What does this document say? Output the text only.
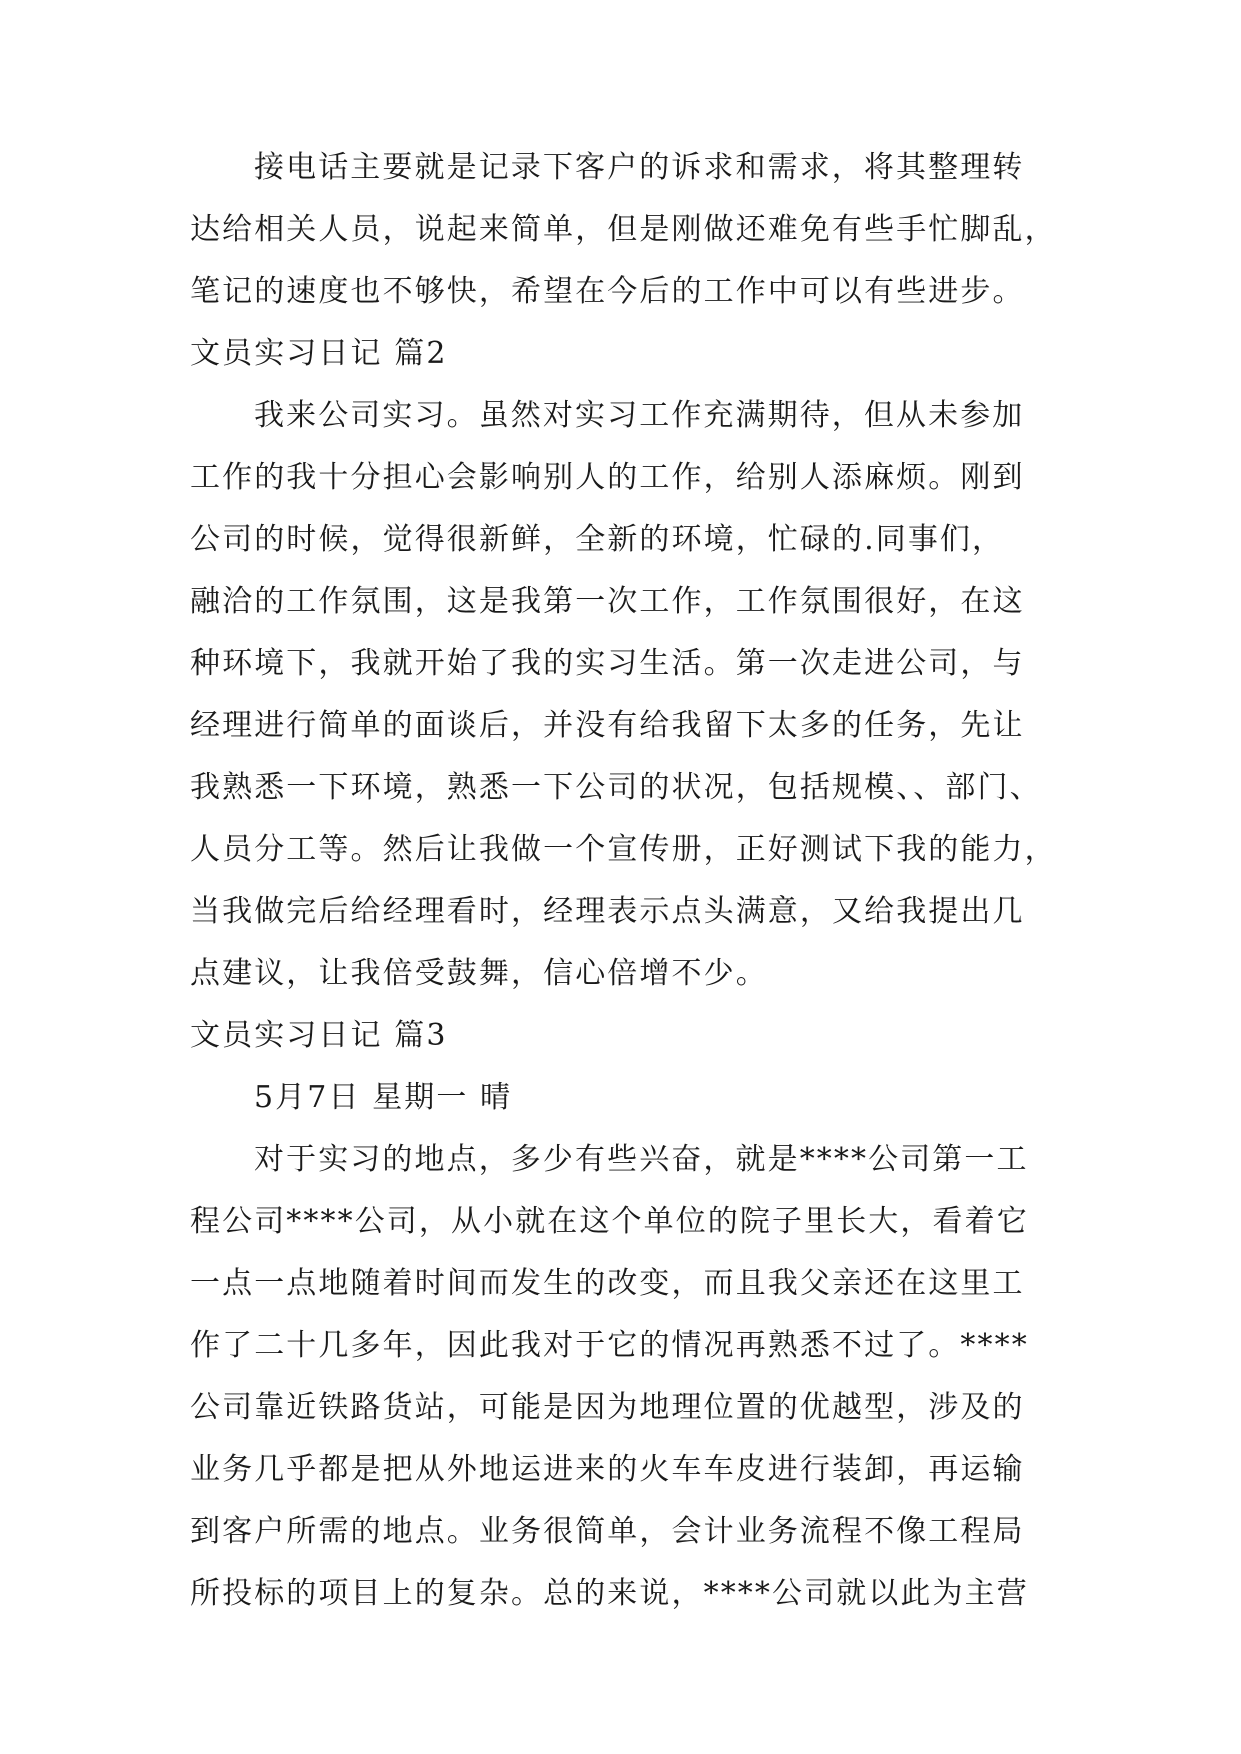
接电话主要就是记录下客户的诉求和需求，将其整理转
达给相关人员，说起来简单，但是刚做还难免有些手忙脚乱，
笔记的速度也不够快，希望在今后的工作中可以有些进步。
文员实习日记 篇2
我来公司实习。虽然对实习工作充满期待，但从未参加
工作的我十分担心会影响别人的工作，给别人添麻烦。刚到
公司的时候，觉得很新鲜，全新的环境，忙碌的.同事们，
融洽的工作氛围，这是我第一次工作，工作氛围很好，在这
种环境下，我就开始了我的实习生活。第一次走进公司，与
经理进行简单的面谈后，并没有给我留下太多的任务，先让
我熟悉一下环境，熟悉一下公司的状况，包括规模、、部门、
人员分工等。然后让我做一个宣传册，正好测试下我的能力，
当我做完后给经理看时，经理表示点头满意，又给我提出几
点建议，让我倍受鼓舞，信心倍增不少。
文员实习日记 篇3
5月7日 星期一 晴
对于实习的地点，多少有些兴奋，就是****公司第一工
程公司****公司，从小就在这个单位的院子里长大，看着它
一点一点地随着时间而发生的改变，而且我父亲还在这里工
作了二十几多年，因此我对于它的情况再熟悉不过了。****
公司靠近铁路货站，可能是因为地理位置的优越型，涉及的
业务几乎都是把从外地运进来的火车车皮进行装卸，再运输
到客户所需的地点。业务很简单，会计业务流程不像工程局
所投标的项目上的复杂。总的来说，****公司就以此为主营
